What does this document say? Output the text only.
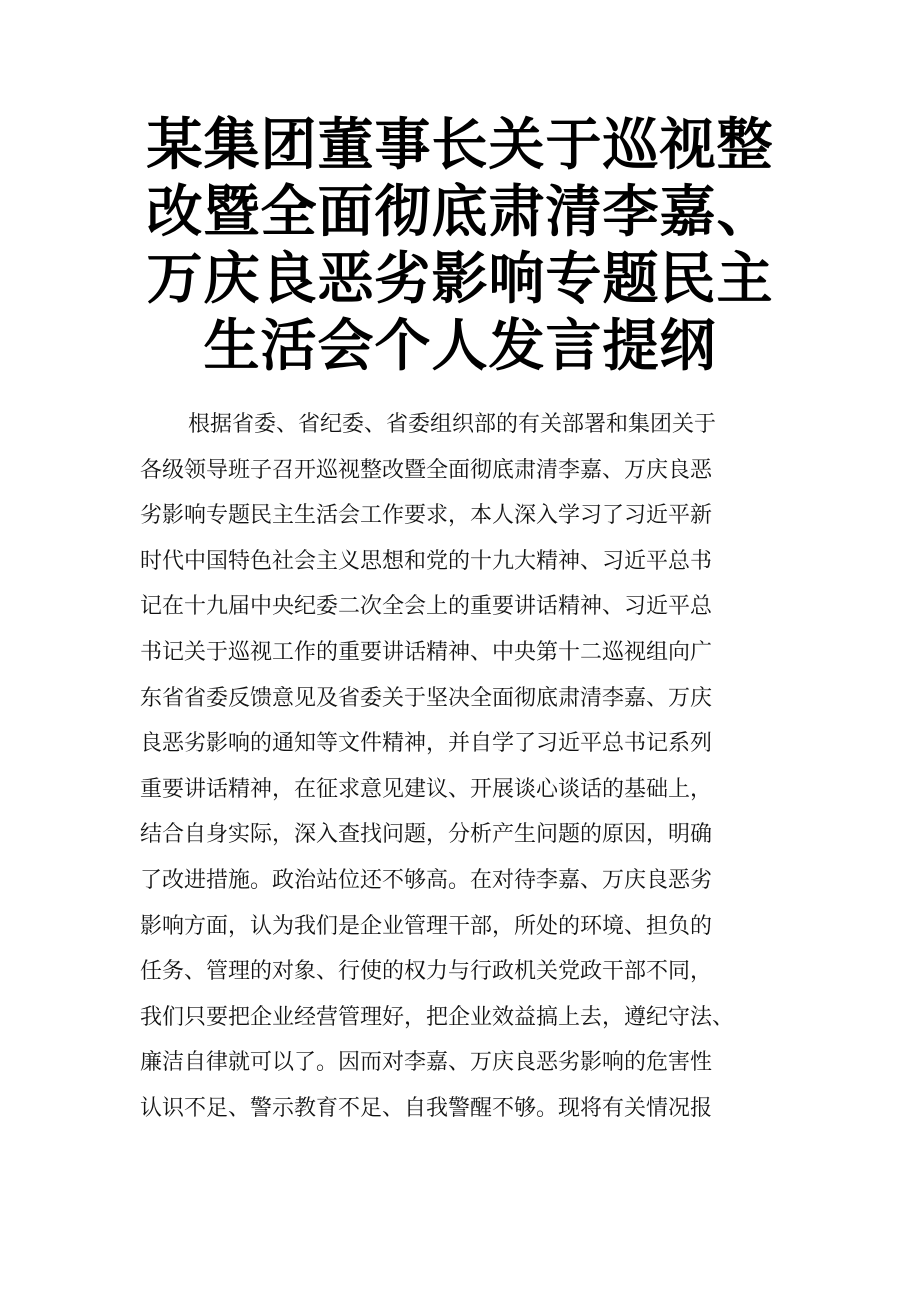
某集团董事长关于巡视整
改暨全面彻底肃清李嘉、
万庆良恶劣影响专题民主
生活会个人发言提纲
根据省委、省纪委、省委组织部的有关部署和集团关于
各级领导班子召开巡视整改暨全面彻底肃清李嘉、万庆良恶
劣影响专题民主生活会工作要求，本人深入学习了习近平新
时代中国特色社会主义思想和党的十九大精神、习近平总书
记在十九届中央纪委二次全会上的重要讲话精神、习近平总
书记关于巡视工作的重要讲话精神、中央第十二巡视组向广
东省省委反馈意见及省委关于坚决全面彻底肃清李嘉、万庆
良恶劣影响的通知等文件精神，并自学了习近平总书记系列
重要讲话精神，在征求意见建议、开展谈心谈话的基础上，
结合自身实际，深入查找问题，分析产生问题的原因，明确
了改进措施。政治站位还不够高。在对待李嘉、万庆良恶劣
影响方面，认为我们是企业管理干部，所处的环境、担负的
任务、管理的对象、行使的权力与行政机关党政干部不同，
我们只要把企业经营管理好，把企业效益搞上去，遵纪守法、
廉洁自律就可以了。因而对李嘉、万庆良恶劣影响的危害性
认识不足、警示教育不足、自我警醒不够。现将有关情况报
